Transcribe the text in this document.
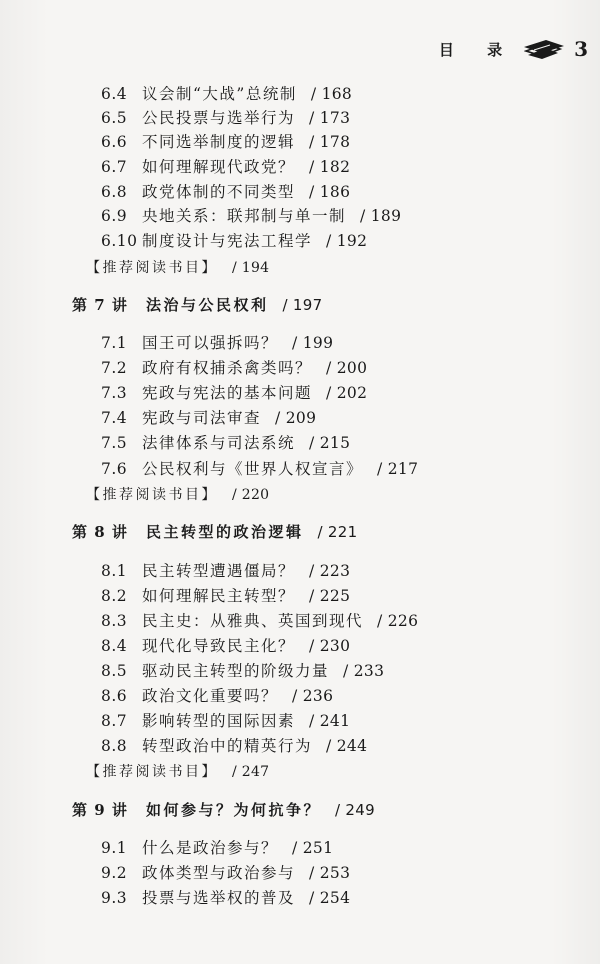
目 录	3
6.4 议会制“大战”总统制 / 168
6.5 公民投票与选举行为 / 173
6.6 不同选举制度的逻辑 / 178
6.7 如何理解现代政党？ / 182
6.8 政党体制的不同类型 / 186
6.9 央地关系：联邦制与单一制 / 189
6.10 制度设计与宪法工程学 / 192
【推荐阅读书目】 / 194
第 7 讲 法治与公民权利 / 197
7.1 国王可以强拆吗？ / 199
7.2 政府有权捕杀禽类吗？ / 200
7.3 宪政与宪法的基本问题 / 202
7.4 宪政与司法审查 / 209
7.5 法律体系与司法系统 / 215
7.6 公民权利与《世界人权宣言》 / 217
【推荐阅读书目】 / 220
第 8 讲 民主转型的政治逻辑 / 221
8.1 民主转型遭遇僵局？ / 223
8.2 如何理解民主转型？ / 225
8.3 民主史：从雅典、英国到现代 / 226
8.4 现代化导致民主化？ / 230
8.5 驱动民主转型的阶级力量 / 233
8.6 政治文化重要吗？ / 236
8.7 影响转型的国际因素 / 241
8.8 转型政治中的精英行为 / 244
【推荐阅读书目】 / 247
第 9 讲 如何参与？为何抗争？ / 249
9.1 什么是政治参与？ / 251
9.2 政体类型与政治参与 / 253
9.3 投票与选举权的普及 / 254
